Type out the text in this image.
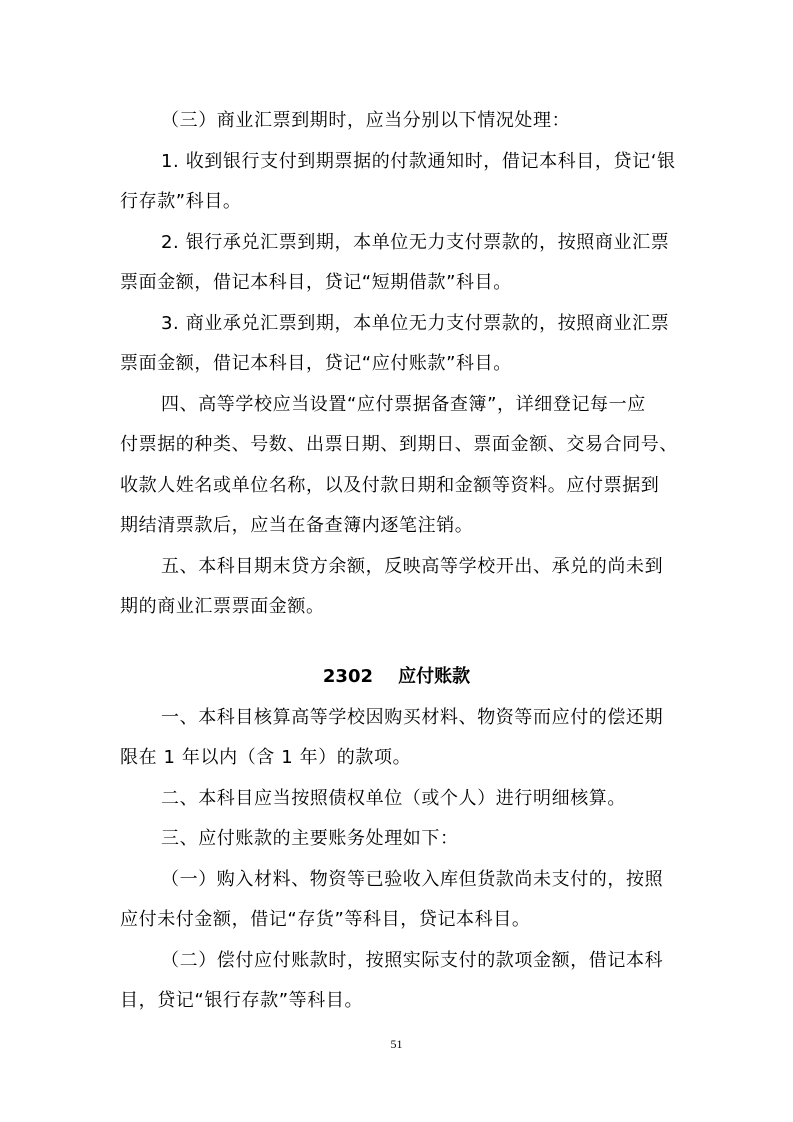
（三）商业汇票到期时，应当分别以下情况处理：
1. 收到银行支付到期票据的付款通知时，借记本科目，贷记‘银
行存款”科目。
2. 银行承兑汇票到期，本单位无力支付票款的，按照商业汇票
票面金额，借记本科目，贷记“短期借款”科目。
3. 商业承兑汇票到期，本单位无力支付票款的，按照商业汇票
票面金额，借记本科目，贷记“应付账款”科目。
四、高等学校应当设置“应付票据备查簿”，详细登记每一应
付票据的种类、号数、出票日期、到期日、票面金额、交易合同号、
收款人姓名或单位名称，以及付款日期和金额等资料。应付票据到
期结清票款后，应当在备查簿内逐笔注销。
五、本科目期末贷方余额，反映高等学校开出、承兑的尚未到
期的商业汇票票面金额。
2302    应付账款
一、本科目核算高等学校因购买材料、物资等而应付的偿还期
限在 1 年以内（含 1 年）的款项。
二、本科目应当按照债权单位（或个人）进行明细核算。
三、应付账款的主要账务处理如下：
（一）购入材料、物资等已验收入库但货款尚未支付的，按照
应付未付金额，借记“存货”等科目，贷记本科目。
（二）偿付应付账款时，按照实际支付的款项金额，借记本科
目，贷记“银行存款”等科目。
51
